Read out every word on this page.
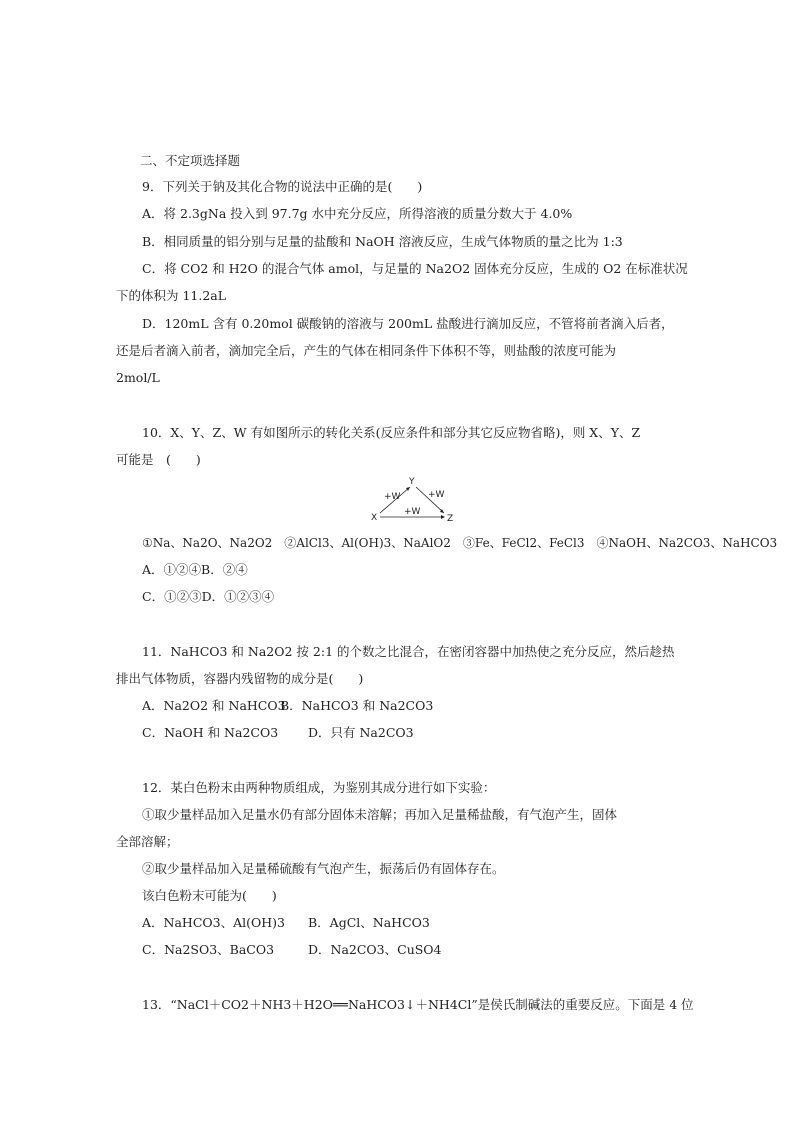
二、不定项选择题
9．下列关于钠及其化合物的说法中正确的是(　　)
A．将 2.3gNa 投入到 97.7g 水中充分反应，所得溶液的质量分数大于 4.0%
B．相同质量的铝分别与足量的盐酸和 NaOH 溶液反应，生成气体物质的量之比为 1:3
C．将 CO2 和 H2O 的混合气体 amol，与足量的 Na2O2 固体充分反应，生成的 O2 在标准状况
下的体积为 11.2aL
D．120mL 含有 0.20mol 碳酸钠的溶液与 200mL 盐酸进行滴加反应，不管将前者滴入后者，
还是后者滴入前者，滴加完全后，产生的气体在相同条件下体积不等，则盐酸的浓度可能为
2mol/L
10．X、Y、Z、W 有如图所示的转化关系(反应条件和部分其它反应物省略)，则 X、Y、Z
可能是　(　　)
Y
X	Z
+W	+W
+W
①Na、Na2O、Na2O2　②AlCl3、Al(OH)3、NaAlO2　③Fe、FeCl2、FeCl3　④NaOH、Na2CO3、NaHCO3
A．①②④B．②④
C．①②③D．①②③④
11．NaHCO3 和 Na2O2 按 2:1 的个数之比混合，在密闭容器中加热使之充分反应，然后趁热
排出气体物质，容器内残留物的成分是(　　)
A．Na2O2 和 NaHCO3
B．NaHCO3 和 Na2CO3
C．NaOH 和 Na2CO3 D．只有 Na2CO3
12．某白色粉末由两种物质组成，为鉴别其成分进行如下实验：
①取少量样品加入足量水仍有部分固体未溶解；再加入足量稀盐酸，有气泡产生，固体
全部溶解；
②取少量样品加入足量稀硫酸有气泡产生，振荡后仍有固体存在。
该白色粉末可能为(　　)
A．NaHCO3、Al(OH)3 B．AgCl、NaHCO3
C．Na2SO3、BaCO3	D．Na2CO3、CuSO4
13．“NaCl＋CO2＋NH3＋H2O══NaHCO3↓＋NH4Cl”是侯氏制碱法的重要反应。下面是 4 位
